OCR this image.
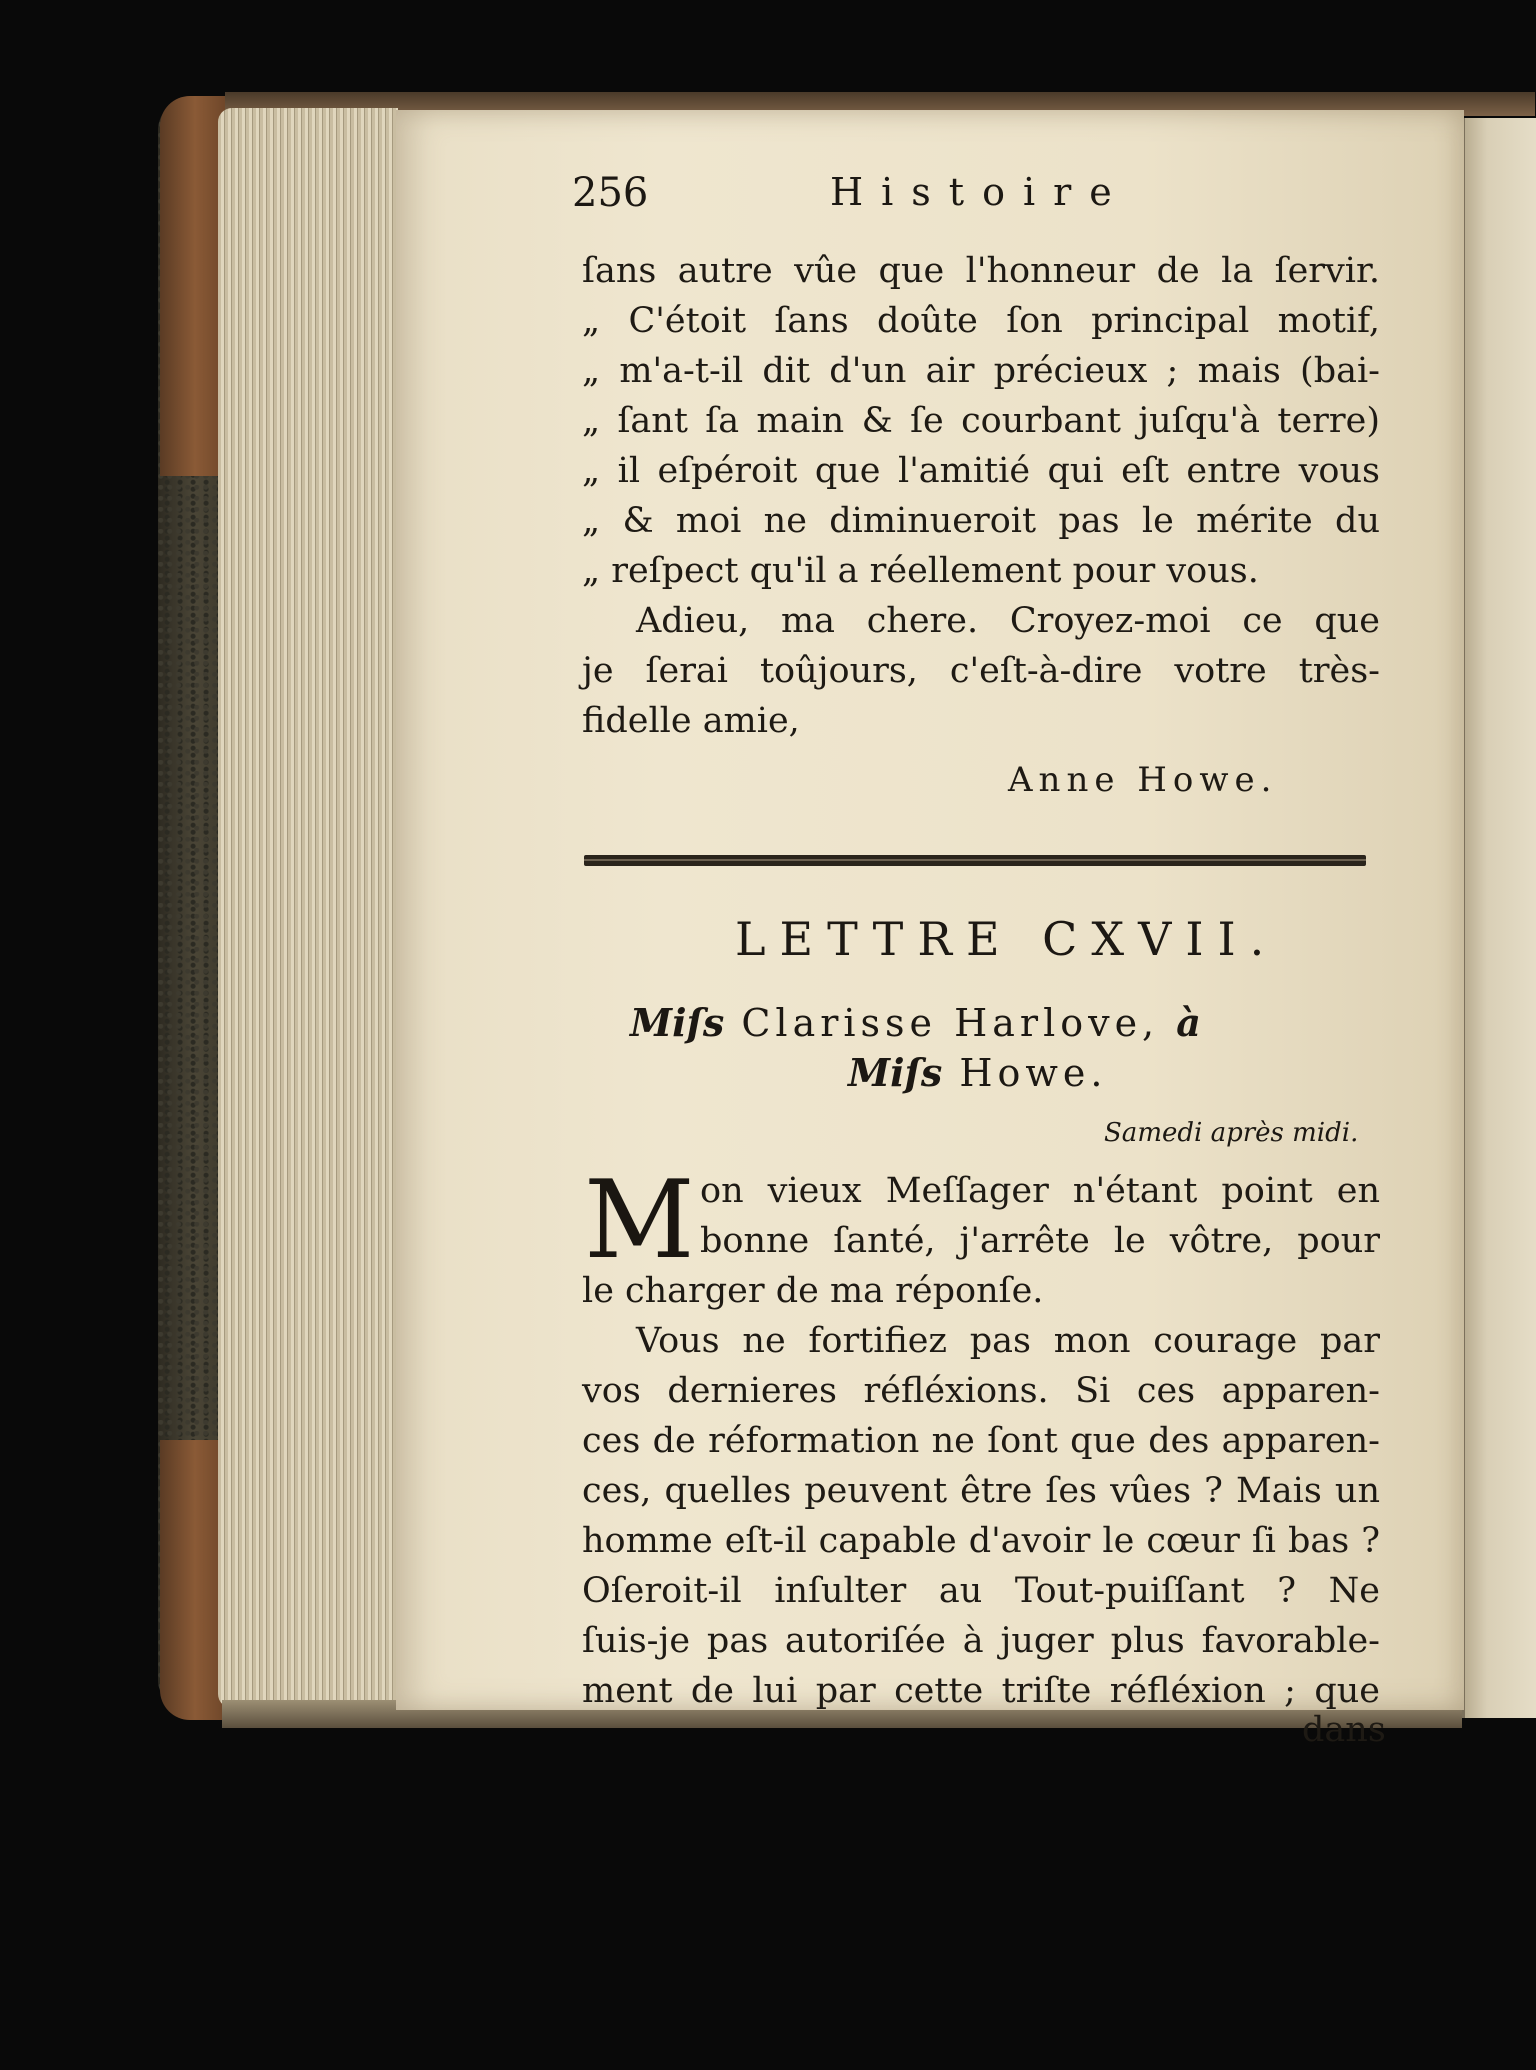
256	Histoire
ſans autre vûe que l'honneur de la ſervir.
„ C'étoit ſans doûte ſon principal motif,
„ m'a-t-il dit d'un air précieux ; mais (bai-
„ ſant ſa main & ſe courbant juſqu'à terre)
„ il eſpéroit que l'amitié qui eſt entre vous
„ & moi ne diminueroit pas le mérite du
„ reſpect qu'il a réellement pour vous.
Adieu, ma chere. Croyez-moi ce que
je ſerai toûjours, c'eſt-à-dire votre très-
fidelle amie,
Anne Howe.
LETTRE CXVII.
Miſs Clarisse Harlove, à
Miſs Howe.
Samedi après midi.
M on vieux Meſſager n'étant point en
bonne ſanté, j'arrête le vôtre, pour
le charger de ma réponſe.
Vous ne fortifiez pas mon courage par
vos dernieres réfléxions. Si ces apparen-
ces de réformation ne ſont que des apparen-
ces, quelles peuvent être ſes vûes ? Mais un
homme eſt-il capable d'avoir le cœur ſi bas ?
Oſeroit-il inſulter au Tout-puiſſant ? Ne
ſuis-je pas autoriſée à juger plus favorable-
ment de lui par cette triſte réfléxion ; que
dans
